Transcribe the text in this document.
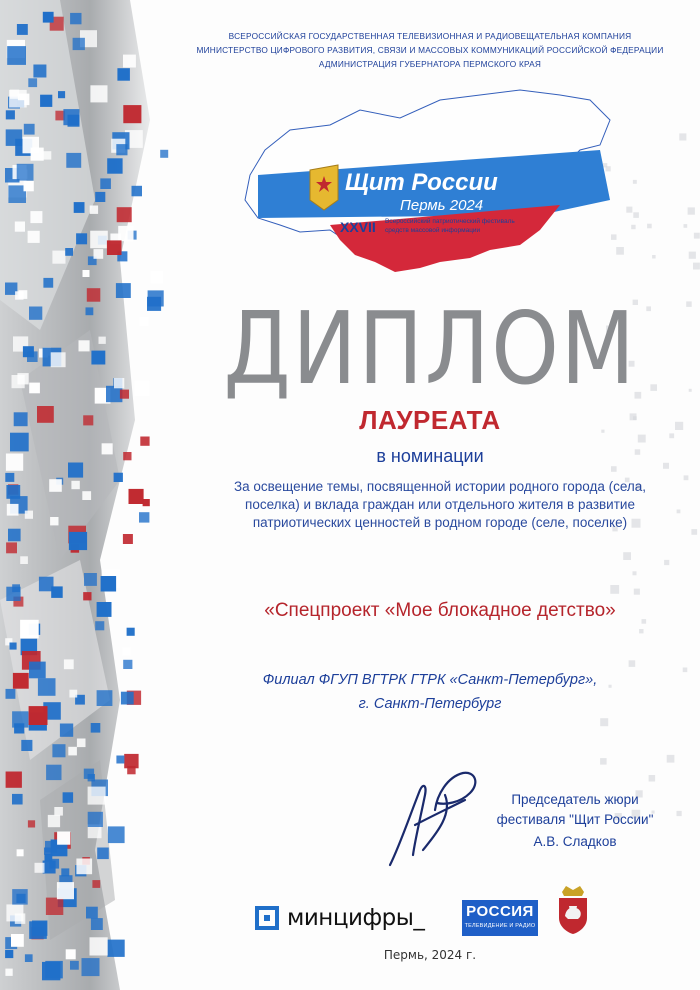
ВСЕРОССИЙСКАЯ ГОСУДАРСТВЕННАЯ ТЕЛЕВИЗИОННАЯ И РАДИОВЕЩАТЕЛЬНАЯ КОМПАНИЯ
МИНИСТЕРСТВО ЦИФРОВОГО РАЗВИТИЯ, СВЯЗИ И МАССОВЫХ КОММУНИКАЦИЙ РОССИЙСКОЙ ФЕДЕРАЦИИ
АДМИНИСТРАЦИЯ ГУБЕРНАТОРА ПЕРМСКОГО КРАЯ
Щит России
Пермь 2024
XXVII Всероссийский патриотический фестиваль
средств массовой информации
ДИПЛОМ
ЛАУРЕАТА
в номинации
За освещение темы, посвященной истории родного города (села, поселка) и вклада граждан или отдельного жителя в развитие патриотических ценностей в родном городе (селе, поселке)
«Спецпроект «Мое блокадное детство»
Филиал ФГУП ВГТРК ГТРК «Санкт-Петербург»,
г. Санкт-Петербург
Председатель жюри
фестиваля "Щит России"
А.В. Сладков
минцифры_	РОССИЯ
ТЕЛЕВИДЕНИЕ И РАДИО
Пермь, 2024 г.
